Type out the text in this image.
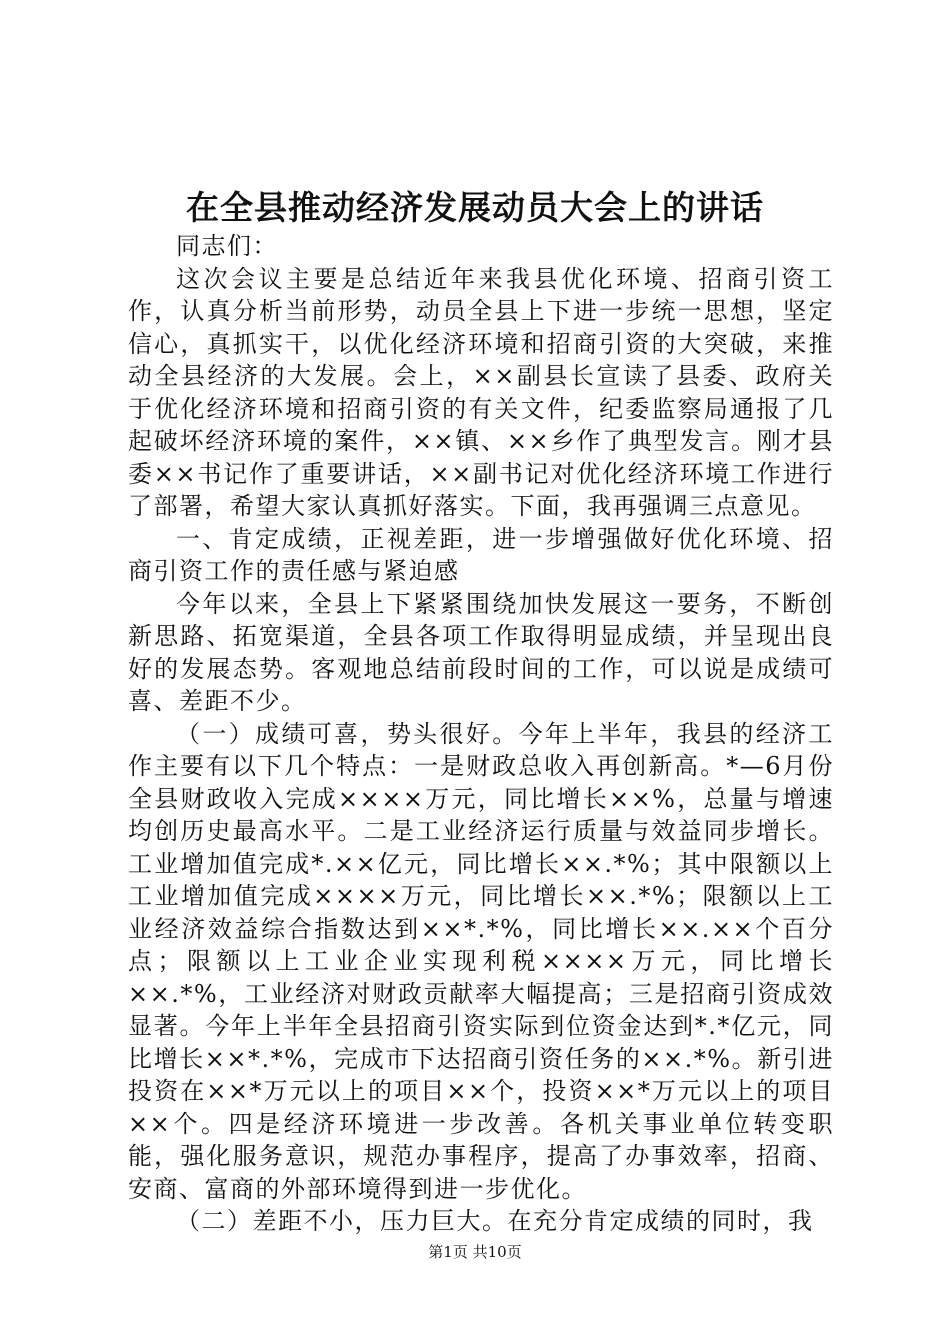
在全县推动经济发展动员大会上的讲话

同志们：

这次会议主要是总结近年来我县优化环境、招商引资工作，认真分析当前形势，动员全县上下进一步统一思想，坚定信心，真抓实干，以优化经济环境和招商引资的大突破，来推动全县经济的大发展。会上，××副县长宣读了县委、政府关于优化经济环境和招商引资的有关文件，纪委监察局通报了几起破坏经济环境的案件，××镇、××乡作了典型发言。刚才县委××书记作了重要讲话，××副书记对优化经济环境工作进行了部署，希望大家认真抓好落实。下面，我再强调三点意见。

一、肯定成绩，正视差距，进一步增强做好优化环境、招商引资工作的责任感与紧迫感

今年以来，全县上下紧紧围绕加快发展这一要务，不断创新思路、拓宽渠道，全县各项工作取得明显成绩，并呈现出良好的发展态势。客观地总结前段时间的工作，可以说是成绩可喜、差距不少。

（一）成绩可喜，势头很好。今年上半年，我县的经济工作主要有以下几个特点：一是财政总收入再创新高。*—6月份全县财政收入完成××××万元，同比增长××%，总量与增速均创历史最高水平。二是工业经济运行质量与效益同步增长。工业增加值完成*.××亿元，同比增长××.*%；其中限额以上工业增加值完成××××万元，同比增长××.*%；限额以上工业经济效益综合指数达到××*.*%，同比增长××.××个百分点；限额以上工业企业实现利税××××万元，同比增长××.*%，工业经济对财政贡献率大幅提高；三是招商引资成效显著。今年上半年全县招商引资实际到位资金达到*.*亿元，同比增长××*.*%，完成市下达招商引资任务的××.*%。新引进投资在××*万元以上的项目××个，投资××*万元以上的项目××个。四是经济环境进一步改善。各机关事业单位转变职能，强化服务意识，规范办事程序，提高了办事效率，招商、安商、富商的外部环境得到进一步优化。

（二）差距不小，压力巨大。在充分肯定成绩的同时，我

第1页 共10页
